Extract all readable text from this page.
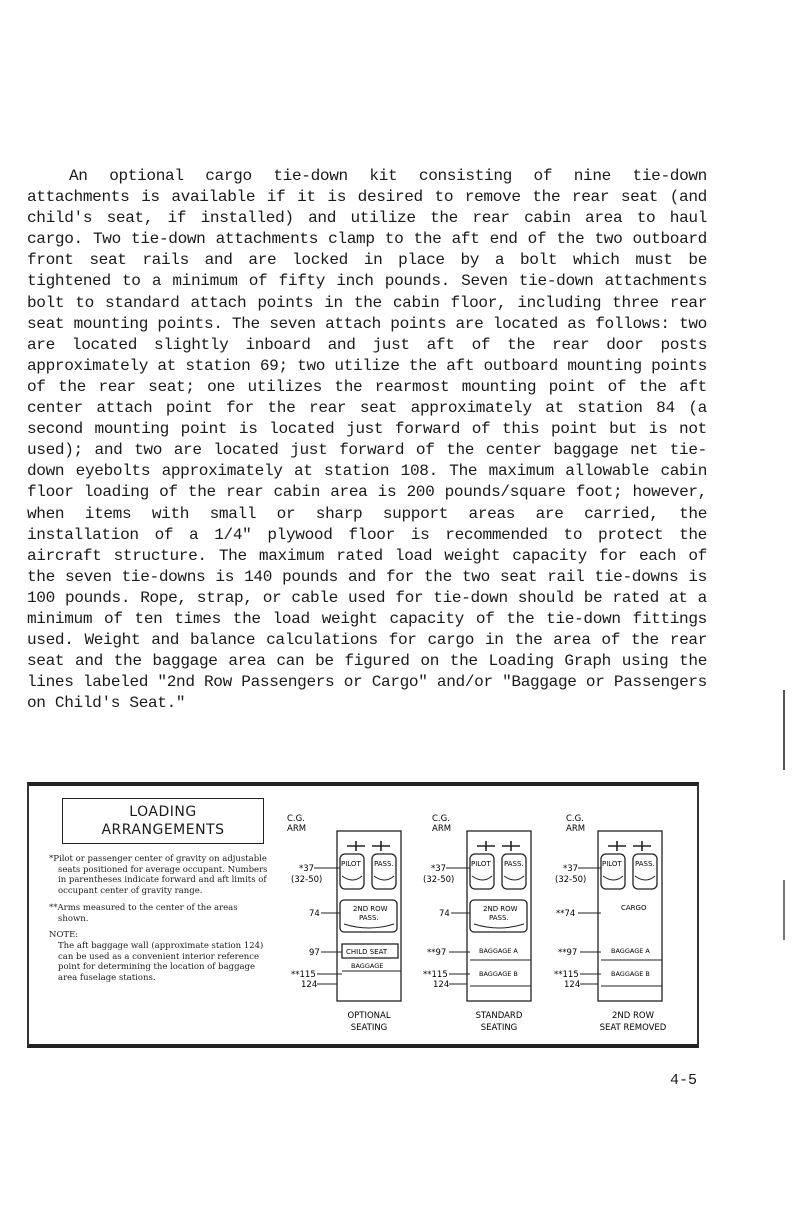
An optional cargo tie-down kit consisting of nine tie-down attachments is available if it is desired to remove the rear seat (and child's seat, if installed) and utilize the rear cabin area to haul cargo. Two tie-down attachments clamp to the aft end of the two outboard front seat rails and are locked in place by a bolt which must be tightened to a minimum of fifty inch pounds. Seven tie-down attachments bolt to standard attach points in the cabin floor, including three rear seat mounting points. The seven attach points are located as follows: two are located slightly inboard and just aft of the rear door posts approximately at station 69; two utilize the aft outboard mounting points of the rear seat; one utilizes the rearmost mounting point of the aft center attach point for the rear seat approximately at station 84 (a second mounting point is located just forward of this point but is not used); and two are located just forward of the center baggage net tie-down eyebolts approximately at station 108. The maximum allowable cabin floor loading of the rear cabin area is 200 pounds/square foot; however, when items with small or sharp support areas are carried, the installation of a 1/4" plywood floor is recommended to protect the aircraft structure. The maximum rated load weight capacity for each of the seven tie-downs is 140 pounds and for the two seat rail tie-downs is 100 pounds. Rope, strap, or cable used for tie-down should be rated at a minimum of ten times the load weight capacity of the tie-down fittings used. Weight and balance calculations for cargo in the area of the rear seat and the baggage area can be figured on the Loading Graph using the lines labeled "2nd Row Passengers or Cargo" and/or "Baggage or Passengers on Child's Seat."
LOADING
ARRANGEMENTS

*Pilot or passenger center of gravity on adjustable seats positioned for average occupant. Numbers in parentheses indicate forward and aft limits of occupant center of gravity range.

**Arms measured to the center of the areas shown.

NOTE:

The aft baggage wall (approximate station 124) can be used as a convenient interior reference point for determining the location of baggage area fuselage stations.

C.G.
ARM
PILOT PASS.
2ND ROW
PASS.
CHILD SEAT
BAGGAGE
*37
(32-50)
74
97
**115
124
OPTIONAL
SEATING
C.G.
ARM
PILOT PASS.
2ND ROW
PASS.
BAGGAGE A
BAGGAGE B
*37
(32-50)
74
**97
**115
124
STANDARD
SEATING
C.G.
ARM
PILOT PASS.
CARGO
BAGGAGE A
BAGGAGE B
*37
(32-50)
**74
**97
**115
124
2ND ROW
SEAT REMOVED
4-5
